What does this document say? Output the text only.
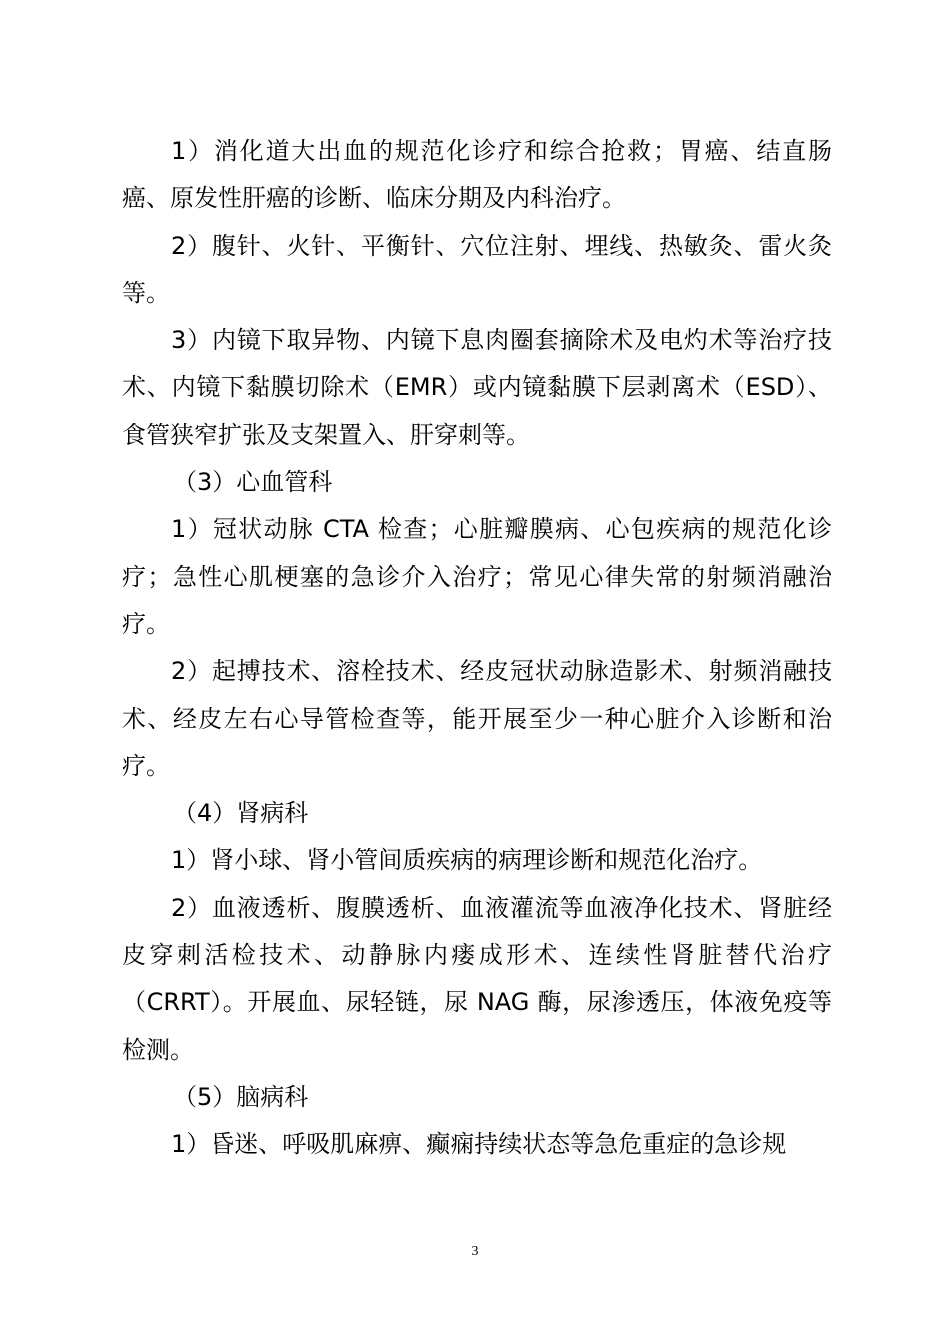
1）消化道大出血的规范化诊疗和综合抢救；胃癌、结直肠癌、原发性肝癌的诊断、临床分期及内科治疗。

2）腹针、火针、平衡针、穴位注射、埋线、热敏灸、雷火灸等。

3）内镜下取异物、内镜下息肉圈套摘除术及电灼术等治疗技术、内镜下黏膜切除术（EMR）或内镜黏膜下层剥离术（ESD）、食管狭窄扩张及支架置入、肝穿刺等。

（3）心血管科

1）冠状动脉 CTA 检查；心脏瓣膜病、心包疾病的规范化诊疗；急性心肌梗塞的急诊介入治疗；常见心律失常的射频消融治疗。

2）起搏技术、溶栓技术、经皮冠状动脉造影术、射频消融技术、经皮左右心导管检查等，能开展至少一种心脏介入诊断和治疗。

（4）肾病科

1）肾小球、肾小管间质疾病的病理诊断和规范化治疗。

2）血液透析、腹膜透析、血液灌流等血液净化技术、肾脏经皮穿刺活检技术、动静脉内瘘成形术、连续性肾脏替代治疗（CRRT）。开展血、尿轻链，尿 NAG 酶，尿渗透压，体液免疫等检测。

（5）脑病科

1）昏迷、呼吸肌麻痹、癫痫持续状态等急危重症的急诊规

3
